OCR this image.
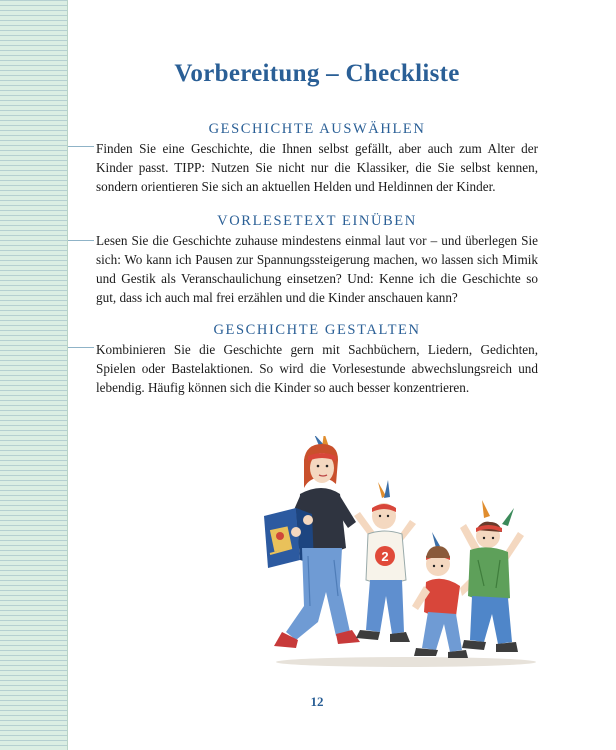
Vorbereitung – Checkliste
GESCHICHTE AUSWÄHLEN

Finden Sie eine Geschichte, die Ihnen selbst gefällt, aber auch zum Alter der Kinder passt. TIPP: Nutzen Sie nicht nur die Klassiker, die Sie selbst kennen, sondern orientieren Sie sich an aktuellen Helden und Heldinnen der Kinder.

VORLESETEXT EINÜBEN

Lesen Sie die Geschichte zuhause mindestens einmal laut vor – und überlegen Sie sich: Wo kann ich Pausen zur Spannungssteigerung machen, wo lassen sich Mimik und Gestik als Veranschaulichung einsetzen? Und: Kenne ich die Geschichte so gut, dass ich auch mal frei erzählen und die Kinder anschauen kann?

GESCHICHTE GESTALTEN

Kombinieren Sie die Geschichte gern mit Sachbüchern, Liedern, Gedichten, Spielen oder Bastelaktionen. So wird die Vorlesestunde abwechslungsreich und lebendig. Häufig können sich die Kinder so auch besser konzentrieren.

2
12
